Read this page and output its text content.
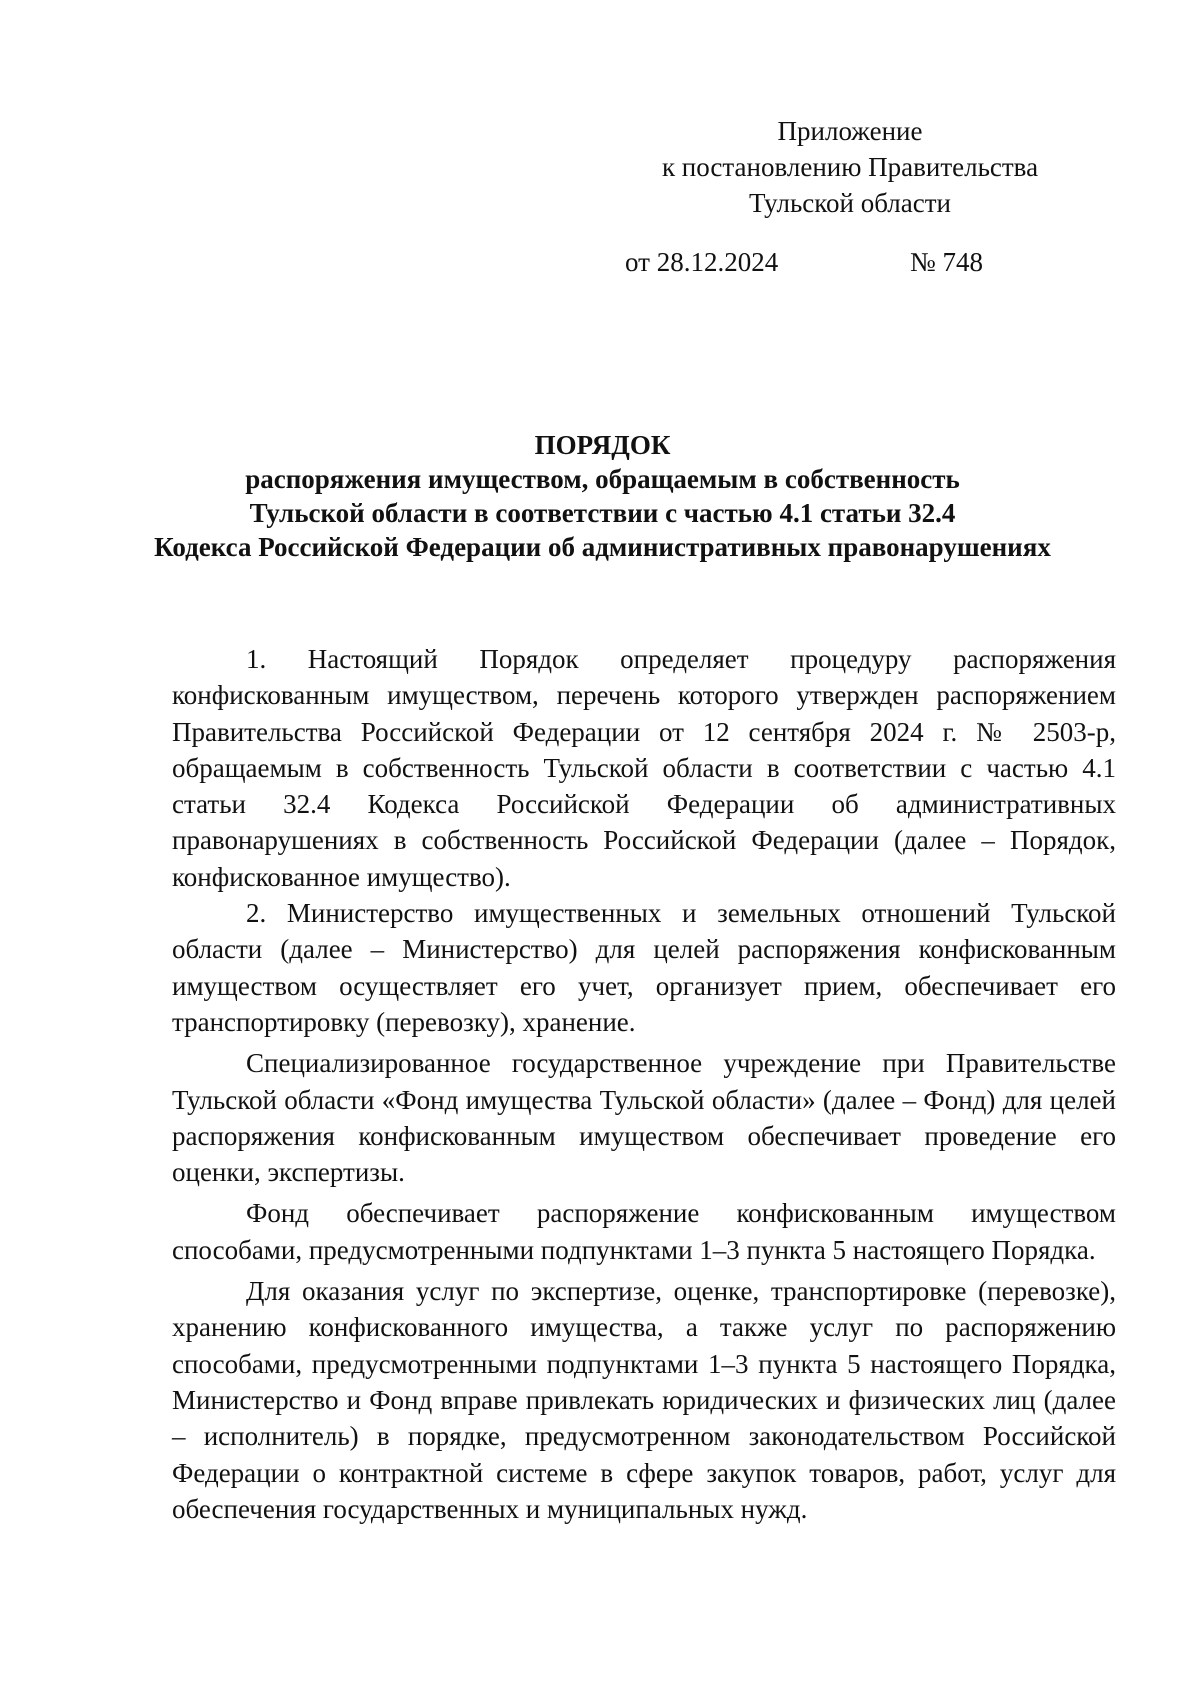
Приложение
к постановлению Правительства
Тульской области
от 28.12.2024	№ 748
ПОРЯДОК
распоряжения имуществом, обращаемым в собственность
Тульской области в соответствии с частью 4.1 статьи 32.4
Кодекса Российской Федерации об административных правонарушениях

1. Настоящий Порядок определяет процедуру распоряжения конфискованным имуществом, перечень которого утвержден распоряжением Правительства Российской Федерации от 12 сентября 2024 г. № 2503-р, обращаемым в собственность Тульской области в соответствии с частью 4.1 статьи 32.4 Кодекса Российской Федерации об административных правонарушениях в собственность Российской Федерации (далее – Порядок, конфискованное имущество).

2. Министерство имущественных и земельных отношений Тульской области (далее – Министерство) для целей распоряжения конфискованным имуществом осуществляет его учет, организует прием, обеспечивает его транспортировку (перевозку), хранение.

Специализированное государственное учреждение при Правительстве Тульской области «Фонд имущества Тульской области» (далее – Фонд) для целей распоряжения конфискованным имуществом обеспечивает проведение его оценки, экспертизы.

Фонд обеспечивает распоряжение конфискованным имуществом способами, предусмотренными подпунктами 1–3 пункта 5 настоящего Порядка.

Для оказания услуг по экспертизе, оценке, транспортировке (перевозке), хранению конфискованного имущества, а также услуг по распоряжению способами, предусмотренными подпунктами 1–3 пункта 5 настоящего Порядка, Министерство и Фонд вправе привлекать юридических и физических лиц (далее – исполнитель) в порядке, предусмотренном законодательством Российской Федерации о контрактной системе в сфере закупок товаров, работ, услуг для обеспечения государственных и муниципальных нужд.
